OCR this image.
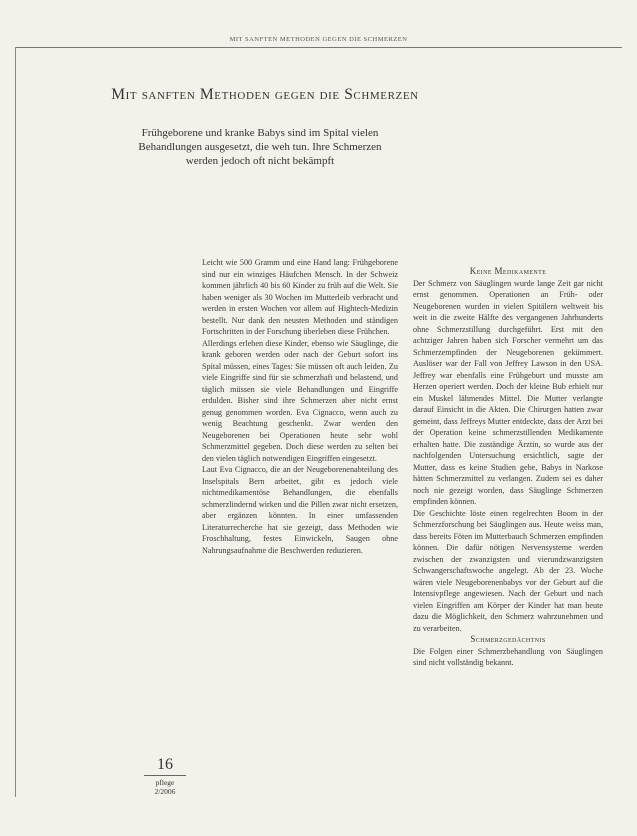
MIT SANFTEN METHODEN GEGEN DIE SCHMERZEN
Mit sanften Methoden gegen die Schmerzen
Frühgeborene und kranke Babys sind im Spital vielen Behandlungen ausgesetzt, die weh tun. Ihre Schmerzen werden jedoch oft nicht bekämpft

Leicht wie 500 Gramm und eine Hand lang: Frühgeborene sind nur ein winziges Häufchen Mensch. In der Schweiz kommen jährlich 40 bis 60 Kinder zu früh auf die Welt. Sie haben weniger als 30 Wochen im Mutterleib verbracht und werden in ersten Wochen vor allem auf Hightech-Medizin bestellt. Nur dank den neusten Methoden und ständigen Fortschritten in der Forschung überleben diese Frühchen.

Allerdings erleben diese Kinder, ebenso wie Säuglinge, die krank geboren werden oder nach der Geburt sofort ins Spital müssen, eines Tages: Sie müssen oft auch leiden. Zu viele Eingriffe sind für sie schmerzhaft und belastend, und täglich müssen sie viele Behandlungen und Eingriffe erdulden. Bisher sind ihre Schmerzen aber nicht ernst genug genommen worden. Eva Cignacco, wenn auch zu wenig Beachtung geschenkt. Zwar werden den Neugeborenen bei Operationen heute sehr wohl Schmerzmittel gegeben. Doch diese werden zu selten bei den vielen täglich notwendigen Eingriffen eingesetzt.

Laut Eva Cignacco, die an der Neugeborenenabteilung des Inselspitals Bern arbeitet, gibt es jedoch viele nichtmedikamentöse Behandlungen, die ebenfalls schmerzlindernd wirken und die Pillen zwar nicht ersetzen, aber ergänzen könnten. In einer umfassenden Literaturrecherche hat sie gezeigt, dass Methoden wie Froschhaltung, festes Einwickeln, Saugen ohne Nahrungsaufnahme die Beschwerden reduzieren.

Keine Medikamente

Der Schmerz von Säuglingen wurde lange Zeit gar nicht ernst genommen. Operationen an Früh- oder Neugeborenen wurden in vielen Spitälern weltweit bis weit in die zweite Hälfte des vergangenen Jahrhunderts ohne Schmerzstillung durchgeführt. Erst mit den achtziger Jahren haben sich Forscher vermehrt um das Schmerzempfinden der Neugeborenen gekümmert. Auslöser war der Fall von Jeffrey Lawson in den USA. Jeffrey war ebenfalls eine Frühgeburt und musste am Herzen operiert werden. Doch der kleine Bub erhielt nur ein Muskel lähmendes Mittel. Die Mutter verlangte darauf Einsicht in die Akten. Die Chirurgen hatten zwar gemeint, dass Jeffreys Mutter entdeckte, dass der Arzt bei der Operation keine schmerzstillenden Medikamente erhalten hatte. Die zuständige Ärztin, so wurde aus der nachfolgenden Untersuchung ersichtlich, sagte der Mutter, dass es keine Studien gebe, Babys in Narkose hätten Schmerzmittel zu verlangen. Zudem sei es daher noch nie gezeigt worden, dass Säuglinge Schmerzen empfinden können.

Die Geschichte löste einen regelrechten Boom in der Schmerzforschung bei Säuglingen aus. Heute weiss man, dass bereits Föten im Mutterbauch Schmerzen empfinden können. Die dafür nötigen Nervensysteme werden zwischen der zwanzigsten und vierundzwanzigsten Schwangerschaftswoche angelegt. Ab der 23. Woche wären viele Neugeborenenbabys vor der Geburt auf die Intensivpflege angewiesen. Nach der Geburt und nach vielen Eingriffen am Körper der Kinder hat man heute dazu die Möglichkeit, den Schmerz wahrzunehmen und zu verarbeiten.

Schmerzgedächtnis

Die Folgen einer Schmerzbehandlung von Säuglingen sind nicht vollständig bekannt.

16
pflege
2/2006
